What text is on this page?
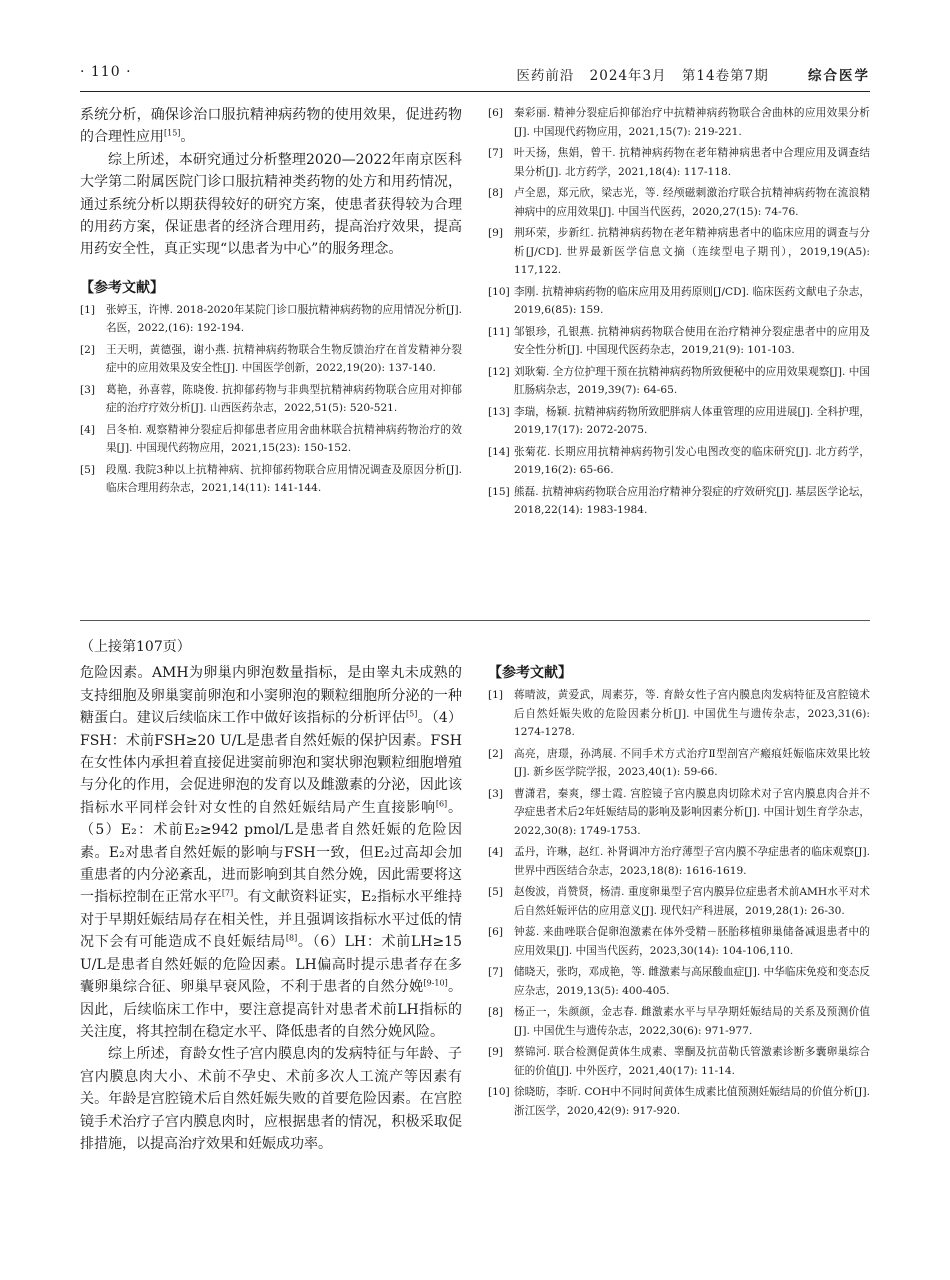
· 110 ·	医药前沿 2024年3月 第14卷第7期	综合医学

系统分析，确保诊治口服抗精神病药物的使用效果，促进药物的合理性应用[15]。

综上所述，本研究通过分析整理2020—2022年南京医科大学第二附属医院门诊口服抗精神类药物的处方和用药情况，通过系统分析以期获得较好的研究方案，使患者获得较为合理的用药方案，保证患者的经济合理用药，提高治疗效果，提高用药安全性，真正实现“以患者为中心”的服务理念。

【参考文献】
[1] 张婷玉，许博. 2018-2020年某院门诊口服抗精神病药物的应用情况分析[J]. 名医，2022,(16): 192-194.
[2] 王天明，黄德强，谢小燕. 抗精神病药物联合生物反馈治疗在首发精神分裂症中的应用效果及安全性[J]. 中国医学创新，2022,19(20): 137-140.
[3] 葛艳，孙喜蓉，陈晓俊. 抗抑郁药物与非典型抗精神病药物联合应用对抑郁症的治疗疗效分析[J]. 山西医药杂志，2022,51(5): 520-521.
[4] 吕冬柏. 观察精神分裂症后抑郁患者应用舍曲林联合抗精神病药物治疗的效果[J]. 中国现代药物应用，2021,15(23): 150-152.
[5] 段凰. 我院3种以上抗精神病、抗抑郁药物联合应用情况调查及原因分析[J]. 临床合理用药杂志，2021,14(11): 141-144.
[6] 秦彩丽. 精神分裂症后抑郁治疗中抗精神病药物联合舍曲林的应用效果分析[J]. 中国现代药物应用，2021,15(7): 219-221.
[7] 叶天扬，焦娟，曾干. 抗精神病药物在老年精神病患者中合理应用及调查结果分析[J]. 北方药学，2021,18(4): 117-118.
[8] 卢全恩，郑元欣，梁志光，等. 经颅磁刺激治疗联合抗精神病药物在流浪精神病中的应用效果[J]. 中国当代医药，2020,27(15): 74-76.
[9] 荆环荣，步新红. 抗精神病药物在老年精神病患者中的临床应用的调查与分析[J/CD]. 世界最新医学信息文摘（连续型电子期刊），2019,19(A5): 117,122.
[10] 李刚. 抗精神病药物的临床应用及用药原则[J/CD]. 临床医药文献电子杂志，2019,6(85): 159.
[11] 邹银珍，孔银燕. 抗精神病药物联合使用在治疗精神分裂症患者中的应用及安全性分析[J]. 中国现代医药杂志，2019,21(9): 101-103.
[12] 刘耿菊. 全方位护理干预在抗精神病药物所致便秘中的应用效果观察[J]. 中国肛肠病杂志，2019,39(7): 64-65.
[13] 李瑞，杨颖. 抗精神病药物所致肥胖病人体重管理的应用进展[J]. 全科护理，2019,17(17): 2072-2075.
[14] 张菊花. 长期应用抗精神病药物引发心电图改变的临床研究[J]. 北方药学，2019,16(2): 65-66.
[15] 熊磊. 抗精神病药物联合应用治疗精神分裂症的疗效研究[J]. 基层医学论坛，2018,22(14): 1983-1984.

（上接第107页）

危险因素。AMH为卵巢内卵泡数量指标，是由睾丸未成熟的支持细胞及卵巢窦前卵泡和小窦卵泡的颗粒细胞所分泌的一种糖蛋白。建议后续临床工作中做好该指标的分析评估[5]。（4）FSH：术前FSH≥20 U/L是患者自然妊娠的保护因素。FSH在女性体内承担着直接促进窦前卵泡和窦状卵泡颗粒细胞增殖与分化的作用，会促进卵泡的发育以及雌激素的分泌，因此该指标水平同样会针对女性的自然妊娠结局产生直接影响[6]。（5）E₂：术前E₂≥942 pmol/L是患者自然妊娠的危险因素。E₂对患者自然妊娠的影响与FSH一致，但E₂过高却会加重患者的内分泌紊乱，进而影响到其自然分娩，因此需要将这一指标控制在正常水平[7]。有文献资料证实，E₂指标水平维持对于早期妊娠结局存在相关性，并且强调该指标水平过低的情况下会有可能造成不良妊娠结局[8]。（6）LH：术前LH≥15 U/L是患者自然妊娠的危险因素。LH偏高时提示患者存在多囊卵巢综合征、卵巢早衰风险，不利于患者的自然分娩[9-10]。因此，后续临床工作中，要注意提高针对患者术前LH指标的关注度，将其控制在稳定水平、降低患者的自然分娩风险。

综上所述，育龄女性子宫内膜息肉的发病特征与年龄、子宫内膜息肉大小、术前不孕史、术前多次人工流产等因素有关。年龄是宫腔镜术后自然妊娠失败的首要危险因素。在宫腔镜手术治疗子宫内膜息肉时，应根据患者的情况，积极采取促排措施，以提高治疗效果和妊娠成功率。

【参考文献】
[1] 蒋晴波，黄爱武，周素芬，等. 育龄女性子宫内膜息肉发病特征及宫腔镜术后自然妊娠失败的危险因素分析[J]. 中国优生与遗传杂志，2023,31(6): 1274-1278.
[2] 高亮，唐璟，孙鸿展. 不同手术方式治疗Ⅱ型剖宫产瘢痕妊娠临床效果比较[J]. 新乡医学院学报，2023,40(1): 59-66.
[3] 曹潇君，秦爽，缪士霞. 宫腔镜子宫内膜息肉切除术对子宫内膜息肉合并不孕症患者术后2年妊娠结局的影响及影响因素分析[J]. 中国计划生育学杂志，2022,30(8): 1749-1753.
[4] 孟丹，许琳，赵红. 补肾调冲方治疗薄型子宫内膜不孕症患者的临床观察[J]. 世界中西医结合杂志，2023,18(8): 1616-1619.
[5] 赵俊波，肖赞贤，杨清. 重度卵巢型子宫内膜异位症患者术前AMH水平对术后自然妊娠评估的应用意义[J]. 现代妇产科进展，2019,28(1): 26-30.
[6] 钟蕊. 来曲唑联合促卵泡激素在体外受精－胚胎移植卵巢储备减退患者中的应用效果[J]. 中国当代医药，2023,30(14): 104-106,110.
[7] 储晓天，张昀，邓成艳，等. 雌激素与高尿酸血症[J]. 中华临床免疫和变态反应杂志，2019,13(5): 400-405.
[8] 杨正一，朱颜颜，金志春. 雌激素水平与早孕期妊娠结局的关系及预测价值[J]. 中国优生与遗传杂志，2022,30(6): 971-977.
[9] 蔡锦河. 联合检测促黄体生成素、睾酮及抗苗勒氏管激素诊断多囊卵巢综合征的价值[J]. 中外医疗，2021,40(17): 11-14.
[10] 徐晓昉，李昕. COH中不同时间黄体生成素比值预测妊娠结局的价值分析[J]. 浙江医学，2020,42(9): 917-920.
